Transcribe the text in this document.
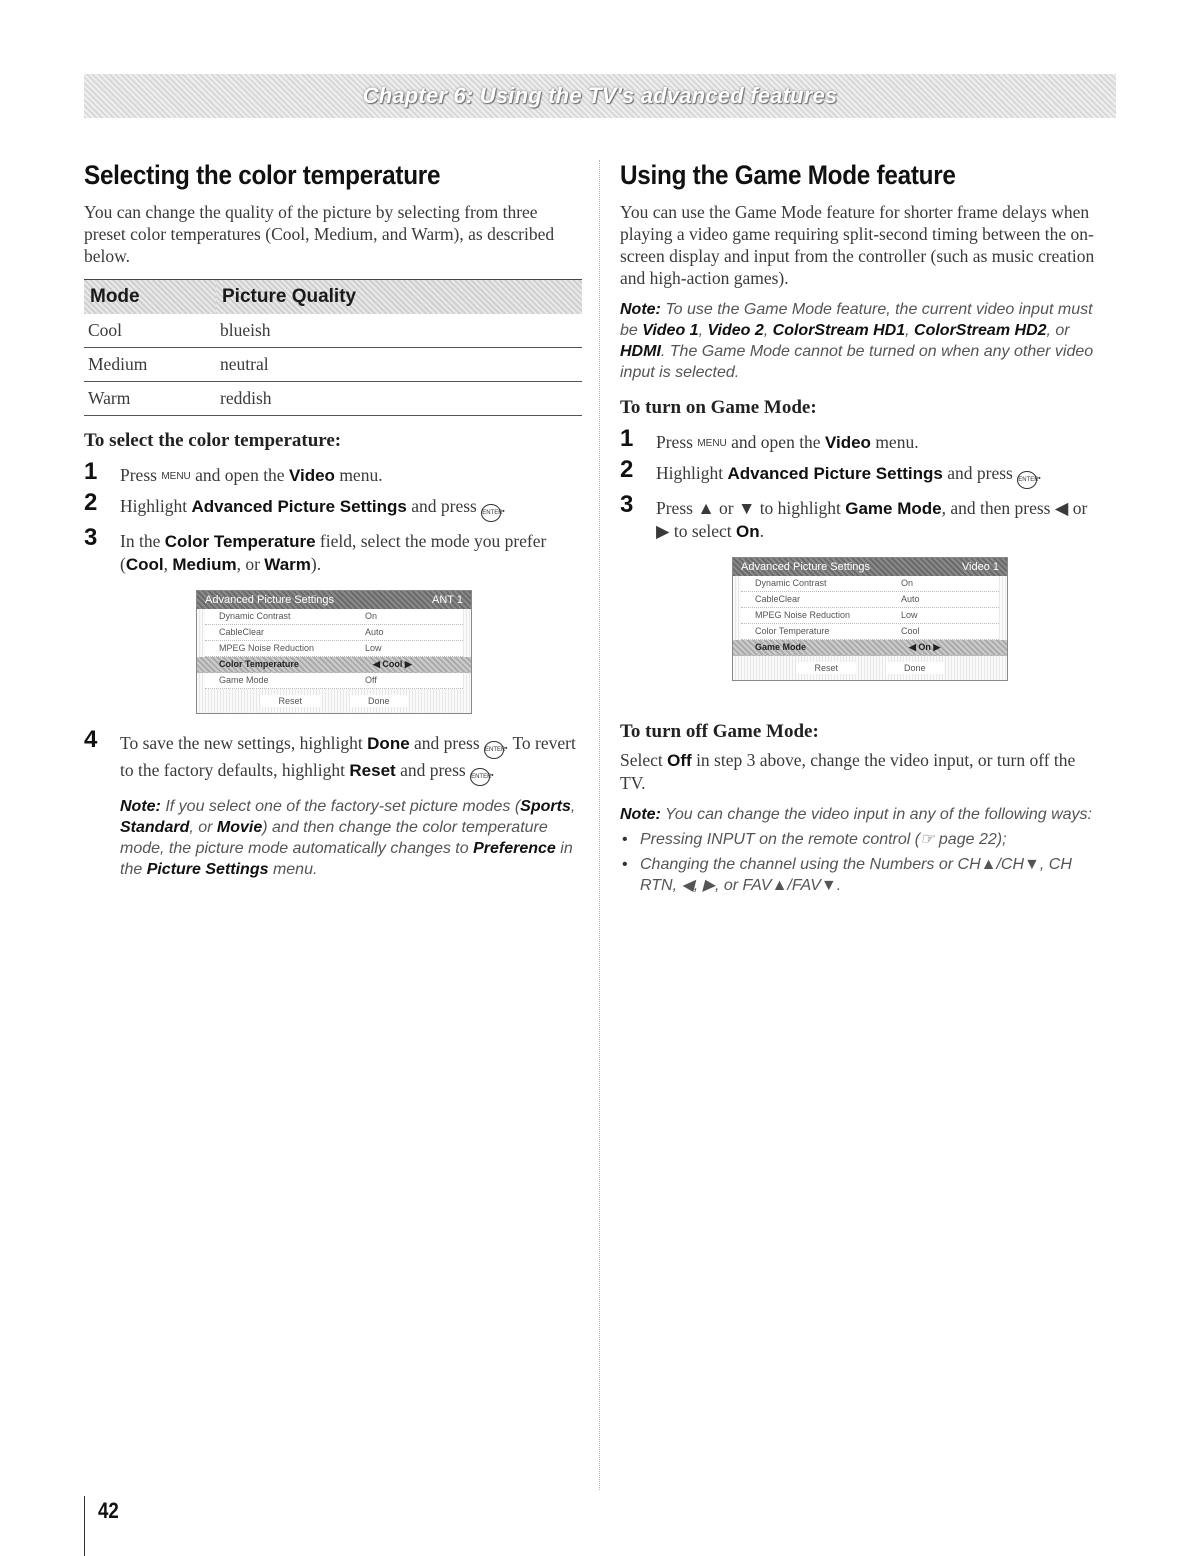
Chapter 6: Using the TV's advanced features
Selecting the color temperature

You can change the quality of the picture by selecting from three preset color temperatures (Cool, Medium, and Warm), as described below.

Mode	Picture Quality
Cool	blueish
Medium	neutral
Warm	reddish
To select the color temperature:
1 Press MENU and open the Video menu.
2 Highlight Advanced Picture Settings and press ENTER.
3 In the Color Temperature field, select the mode you prefer (Cool, Medium, or Warm).
Advanced Picture Settings	ANT 1
Dynamic Contrast	On
CableClear	Auto
MPEG Noise Reduction	Low
Color Temperature	◀ Cool ▶
Game Mode	Off
Reset	Done
4 To save the new settings, highlight Done and press ENTER. To revert to the factory defaults, highlight Reset and press ENTER.

Note: If you select one of the factory-set picture modes (Sports, Standard, or Movie) and then change the color temperature mode, the picture mode automatically changes to Preference in the Picture Settings menu.

Using the Game Mode feature

You can use the Game Mode feature for shorter frame delays when playing a video game requiring split-second timing between the on-screen display and input from the controller (such as music creation and high-action games).

Note: To use the Game Mode feature, the current video input must be Video 1, Video 2, ColorStream HD1, ColorStream HD2, or HDMI. The Game Mode cannot be turned on when any other video input is selected.

To turn on Game Mode:
1 Press MENU and open the Video menu.
2 Highlight Advanced Picture Settings and press ENTER.
3 Press ▲ or ▼ to highlight Game Mode, and then press ◀ or ▶ to select On.
Advanced Picture Settings	Video 1
Dynamic Contrast	On
CableClear	Auto
MPEG Noise Reduction	Low
Color Temperature	Cool
Game Mode	◀ On ▶
Reset	Done
To turn off Game Mode:

Select Off in step 3 above, change the video input, or turn off the TV.

Note: You can change the video input in any of the following ways:

• Pressing INPUT on the remote control (☞ page 22);
• Changing the channel using the Numbers or CH▲/CH▼, CH RTN, ◀, ▶, or FAV▲/FAV▼.
42
